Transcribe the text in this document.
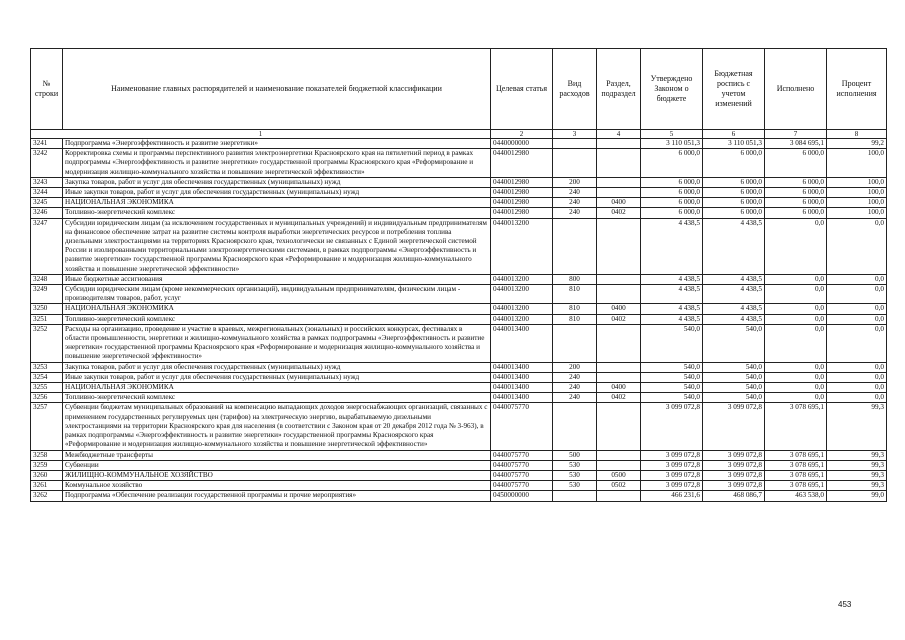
№ строки	Наименование главных распорядителей и наименование показателей бюджетной классификации	Целевая статья	Вид расходов	Раздел, подраздел	Утверждено Законом о бюджете	Бюджетная роспись с учетом изменений	Исполнено	Процент исполнения
1		2	3	4	5	6	7	8
3241	Подпрограмма «Энергоэффективность и развитие энергетики»	0440000000			3 110 051,3	3 110 051,3	3 084 695,1	99,2
3242	Корректировка схемы и программы перспективного развития электроэнергетики Красноярского края на пятилетний период в рамках подпрограммы «Энергоэффективность и развитие энергетики» государственной программы Красноярского края «Реформирование и модернизация жилищно-коммунального хозяйства и повышение энергетической эффективности»	0440012980			6 000,0	6 000,0	6 000,0	100,0
3243	Закупка товаров, работ и услуг для обеспечения государственных (муниципальных) нужд	0440012980	200		6 000,0	6 000,0	6 000,0	100,0
3244	Иные закупки товаров, работ и услуг для обеспечения государственных (муниципальных) нужд	0440012980	240		6 000,0	6 000,0	6 000,0	100,0
3245	НАЦИОНАЛЬНАЯ ЭКОНОМИКА	0440012980	240	0400	6 000,0	6 000,0	6 000,0	100,0
3246	Топливно-энергетический комплекс	0440012980	240	0402	6 000,0	6 000,0	6 000,0	100,0
3247	Субсидии юридическим лицам (за исключением государственных и муниципальных учреждений) и индивидуальным предпринимателям на финансовое обеспечение затрат на развитие системы контроля выработки энергетических ресурсов и потребления топлива дизельными электростанциями на территориях Красноярского края, технологически не связанных с Единой энергетической системой России и изолированными территориальными электроэнергетическими системами, в рамках подпрограммы «Энергоэффективность и развитие энергетики» государственной программы Красноярского края «Реформирование и модернизация жилищно-коммунального хозяйства и повышение энергетической эффективности»	0440013200			4 438,5	4 438,5	0,0	0,0
3248	Иные бюджетные ассигнования	0440013200	800		4 438,5	4 438,5	0,0	0,0
3249	Субсидии юридическим лицам (кроме некоммерческих организаций), индивидуальным предпринимателям, физическим лицам - производителям товаров, работ, услуг	0440013200	810		4 438,5	4 438,5	0,0	0,0
3250	НАЦИОНАЛЬНАЯ ЭКОНОМИКА	0440013200	810	0400	4 438,5	4 438,5	0,0	0,0
3251	Топливно-энергетический комплекс	0440013200	810	0402	4 438,5	4 438,5	0,0	0,0
3252	Расходы на организацию, проведение и участие в краевых, межрегиональных (зональных) и российских конкурсах, фестивалях в области промышленности, энергетики и жилищно-коммунального хозяйства в рамках подпрограммы «Энергоэффективность и развитие энергетики» государственной программы Красноярского края «Реформирование и модернизация жилищно-коммунального хозяйства и повышение энергетической эффективности»	0440013400			540,0	540,0	0,0	0,0
3253	Закупка товаров, работ и услуг для обеспечения государственных (муниципальных) нужд	0440013400	200		540,0	540,0	0,0	0,0
3254	Иные закупки товаров, работ и услуг для обеспечения государственных (муниципальных) нужд	0440013400	240		540,0	540,0	0,0	0,0
3255	НАЦИОНАЛЬНАЯ ЭКОНОМИКА	0440013400	240	0400	540,0	540,0	0,0	0,0
3256	Топливно-энергетический комплекс	0440013400	240	0402	540,0	540,0	0,0	0,0
3257	Субвенции бюджетам муниципальных образований на компенсацию выпадающих доходов энергоснабжающих организаций, связанных с применением государственных регулируемых цен (тарифов) на электрическую энергию, вырабатываемую дизельными электростанциями на территории Красноярского края для населения (в соответствии с Законом края от 20 декабря 2012 года № 3-963), в рамках подпрограммы «Энергоэффективность и развитие энергетики» государственной программы Красноярского края «Реформирование и модернизация жилищно-коммунального хозяйства и повышение энергетической эффективности»	0440075770			3 099 072,8	3 099 072,8	3 078 695,1	99,3
3258	Межбюджетные трансферты	0440075770	500		3 099 072,8	3 099 072,8	3 078 695,1	99,3
3259	Субвенции	0440075770	530		3 099 072,8	3 099 072,8	3 078 695,1	99,3
3260	ЖИЛИЩНО-КОММУНАЛЬНОЕ ХОЗЯЙСТВО	0440075770	530	0500	3 099 072,8	3 099 072,8	3 078 695,1	99,3
3261	Коммунальное хозяйство	0440075770	530	0502	3 099 072,8	3 099 072,8	3 078 695,1	99,3
3262	Подпрограмма «Обеспечение реализации государственной программы и прочие мероприятия»	0450000000			466 231,6	468 086,7	463 538,0	99,0
453
